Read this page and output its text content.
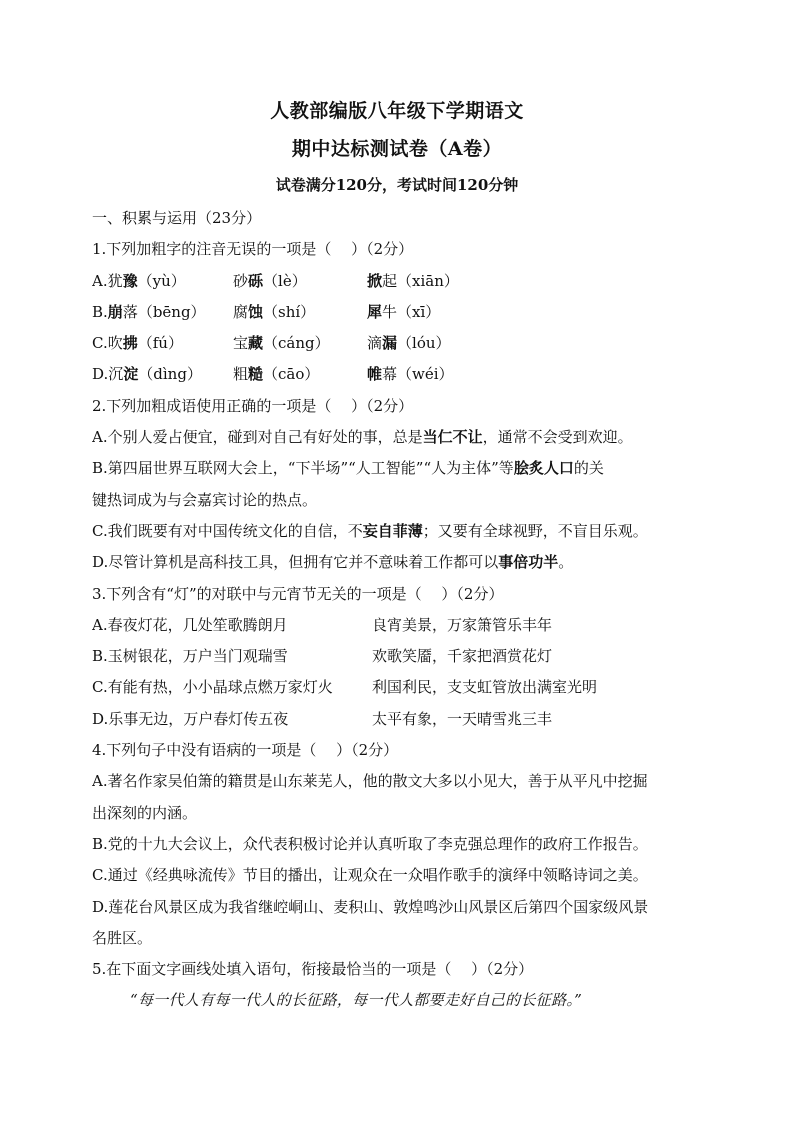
人教部编版八年级下学期语文
期中达标测试卷（A卷）
试卷满分120分，考试时间120分钟
一、积累与运用（23分）
1.下列加粗字的注音无误的一项是（　 ）（2分）
A.犹豫（yù）	砂砾（lè）	掀起（xiān）
B.崩落（bēng） 腐蚀（shí）	犀牛（xī）
C.吹拂（fú）	宝藏（cáng） 滴漏（lóu）
D.沉淀（dìng） 粗糙（cāo）	帷幕（wéi）
2.下列加粗成语使用正确的一项是（　 ）（2分）
A.个别人爱占便宜，碰到对自己有好处的事，总是当仁不让，通常不会受到欢迎。
B.第四届世界互联网大会上，“下半场”“人工智能”“人为主体”等脍炙人口的关
键热词成为与会嘉宾讨论的热点。
C.我们既要有对中国传统文化的自信，不妄自菲薄；又要有全球视野，不盲目乐观。
D.尽管计算机是高科技工具，但拥有它并不意味着工作都可以事倍功半。
3.下列含有“灯”的对联中与元宵节无关的一项是（　 ）（2分）
A.春夜灯花，几处笙歌腾朗月	良宵美景，万家箫管乐丰年
B.玉树银花，万户当门观瑞雪	欢歌笑靥，千家把酒赏花灯
C.有能有热，小小晶球点燃万家灯火	利国利民，支支虹管放出满室光明
D.乐事无边，万户春灯传五夜	太平有象，一天晴雪兆三丰
4.下列句子中没有语病的一项是（　 ）（2分）
A.著名作家吴伯箫的籍贯是山东莱芜人，他的散文大多以小见大，善于从平凡中挖掘
出深刻的内涵。
B.党的十九大会议上，众代表积极讨论并认真听取了李克强总理作的政府工作报告。
C.通过《经典咏流传》节目的播出，让观众在一众唱作歌手的演绎中领略诗词之美。
D.莲花台风景区成为我省继崆峒山、麦积山、敦煌鸣沙山风景区后第四个国家级风景
名胜区。
5.在下面文字画线处填入语句，衔接最恰当的一项是（　 ）（2分）
“每一代人有每一代人的长征路，每一代人都要走好自己的长征路。”
